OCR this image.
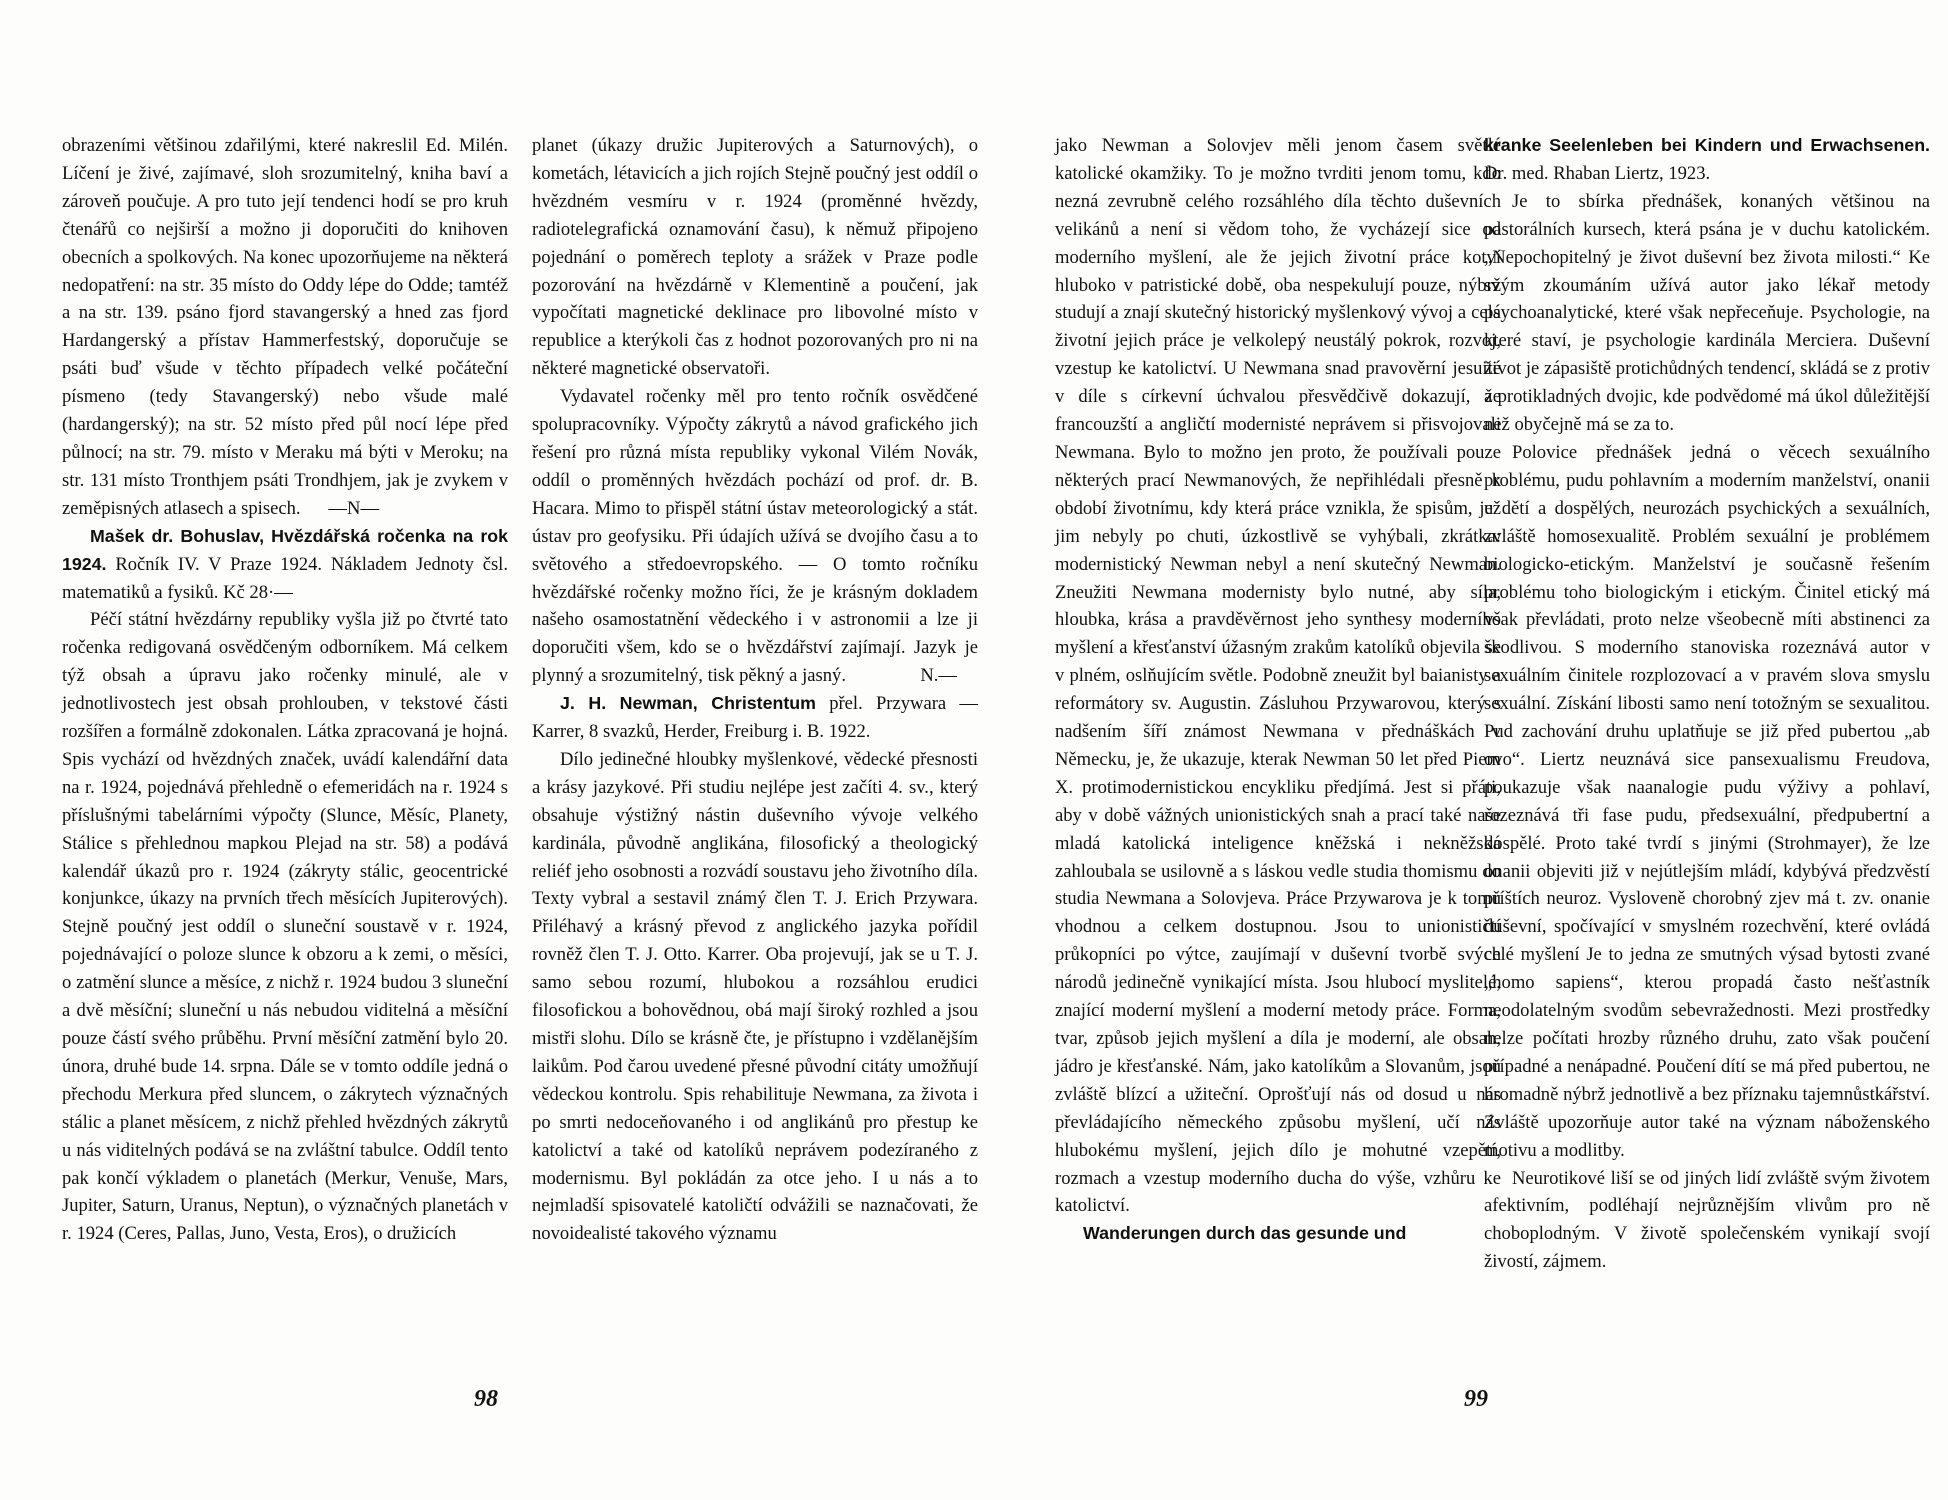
obrazeními většinou zdařilými, které nakreslil Ed. Milén. Líčení je živé, zajímavé, sloh srozumitelný, kniha baví a zároveň poučuje. A pro tuto její tendenci hodí se pro kruh čtenářů co nejširší a možno ji doporučiti do knihoven obecních a spolkových. Na konec upozorňujeme na některá nedopatření: na str. 35 místo do Oddy lépe do Odde; tamtéž a na str. 139. psáno fjord stavangerský a hned zas fjord Hardangerský a přístav Hammerfestský, doporučuje se psáti buď všude v těchto případech velké počáteční písmeno (tedy Stavangerský) nebo všude malé (hardangerský); na str. 52 místo před půl nocí lépe před půlnocí; na str. 79. místo v Meraku má býti v Meroku; na str. 131 místo Tronthjem psáti Trondhjem, jak je zvykem v zeměpisných atlasech a spisech. —N—

Mašek dr. Bohuslav, Hvězdářská ročenka na rok 1924. Ročník IV. V Praze 1924. Nákladem Jednoty čsl. matematiků a fysiků. Kč 28·—

Péčí státní hvězdárny republiky vyšla již po čtvrté tato ročenka redigovaná osvědčeným odborníkem. Má celkem týž obsah a úpravu jako ročenky minulé, ale v jednotlivostech jest obsah prohlouben, v tekstové části rozšířen a formálně zdokonalen. Látka zpracovaná je hojná. Spis vychází od hvězdných značek, uvádí kalendářní data na r. 1924, pojednává přehledně o efemeridách na r. 1924 s příslušnými tabelárními výpočty (Slunce, Měsíc, Planety, Stálice s přehlednou mapkou Plejad na str. 58) a podává kalendář úkazů pro r. 1924 (zákryty stálic, geocentrické konjunkce, úkazy na prvních třech měsících Jupiterových). Stejně poučný jest oddíl o sluneční soustavě v r. 1924, pojednávající o poloze slunce k obzoru a k zemi, o měsíci, o zatmění slunce a měsíce, z nichž r. 1924 budou 3 sluneční a dvě měsíční; sluneční u nás nebudou viditelná a měsíční pouze částí svého průběhu. První měsíční zatmění bylo 20. února, druhé bude 14. srpna. Dále se v tomto oddíle jedná o přechodu Merkura před sluncem, o zákrytech význačných stálic a planet měsícem, z nichž přehled hvězdných zákrytů u nás viditelných podává se na zvláštní tabulce. Oddíl tento pak končí výkladem o planetách (Merkur, Venuše, Mars, Jupiter, Saturn, Uranus, Neptun), o význačných planetách v r. 1924 (Ceres, Pallas, Juno, Vesta, Eros), o družicích

planet (úkazy družic Jupiterových a Saturnových), o kometách, létavicích a jich rojích Stejně poučný jest oddíl o hvězdném vesmíru v r. 1924 (proměnné hvězdy, radiotelegrafická oznamování času), k němuž připojeno pojednání o poměrech teploty a srážek v Praze podle pozorování na hvězdárně v Klementině a poučení, jak vypočítati magnetické deklinace pro libovolné místo v republice a kterýkoli čas z hodnot pozorovaných pro ni na některé magnetické observatoři.

Vydavatel ročenky měl pro tento ročník osvědčené spolupracovníky. Výpočty zákrytů a návod grafického jich řešení pro různá místa republiky vykonal Vilém Novák, oddíl o proměnných hvězdách pochází od prof. dr. B. Hacara. Mimo to přispěl státní ústav meteorologický a stát. ústav pro geofysiku. Při údajích užívá se dvojího času a to světového a středoevropského. — O tomto ročníku hvězdářské ročenky možno říci, že je krásným dokladem našeho osamostatnění vědeckého i v astronomii a lze ji doporučiti všem, kdo se o hvězdářství zajímají. Jazyk je plynný a srozumitelný, tisk pěkný a jasný.	N.—

J. H. Newman, Christentum přel. Przywara —Karrer, 8 svazků, Herder, Freiburg i. B. 1922.

Dílo jedinečné hloubky myšlenkové, vědecké přesnosti a krásy jazykové. Při studiu nejlépe jest začíti 4. sv., který obsahuje výstižný nástin duševního vývoje velkého kardinála, původně anglikána, filosofický a theologický reliéf jeho osobnosti a rozvádí soustavu jeho životního díla. Texty vybral a sestavil známý člen T. J. Erich Przywara. Přiléhavý a krásný převod z anglického jazyka pořídil rovněž člen T. J. Otto. Karrer. Oba projevují, jak se u T. J. samo sebou rozumí, hlubokou a rozsáhlou erudici filosofickou a bohovědnou, obá mají široký rozhled a jsou mistři slohu. Dílo se krásně čte, je přístupno i vzdělanějším laikům. Pod čarou uvedené přesné původní citáty umožňují vědeckou kontrolu. Spis rehabilituje Newmana, za života i po smrti nedoceňovaného i od anglikánů pro přestup ke katolictví a také od katolíků neprávem podezíraného z modernismu. Byl pokládán za otce jeho. I u nás a to nejmladší spisovatelé katoličtí odvážili se naznačovati, že novoidealisté takového významu

98

jako Newman a Solovjev měli jenom časem světlé katolické okamžiky. To je možno tvrditi jenom tomu, kdo nezná zevrubně celého rozsáhlého díla těchto duševních velikánů a není si vědom toho, že vycházejí sice od moderního myšlení, ale že jejich životní práce kotví hluboko v patristické době, oba nespekulují pouze, nýbrž studují a znají skutečný historický myšlenkový vývoj a celá životní jejich práce je velkolepý neustálý pokrok, rozvoj, vzestup ke katolictví. U Newmana snad pravověrní jesuité v díle s církevní úchvalou přesvědčivě dokazují, že francouzští a angličtí modernisté neprávem si přisvojovali Newmana. Bylo to možno jen proto, že používali pouze některých prací Newmanových, že nepřihlédali přesně k období životnímu, kdy která práce vznikla, že spisům, jež jim nebyly po chuti, úzkostlivě se vyhýbali, zkrátka: modernistický Newman nebyl a není skutečný Newman. Zneužiti Newmana modernisty bylo nutné, aby síla, hloubka, krása a pravděvěrnost jeho synthesy moderního myšlení a křesťanství úžasným zrakům katolíků objevila se v plném, oslňujícím světle. Podobně zneužit byl baianisty a reformátory sv. Augustin. Zásluhou Przywarovou, který s nadšením šíří známost Newmana v přednáškách v Německu, je, že ukazuje, kterak Newman 50 let před Piem X. protimodernistickou encykliku předjímá. Jest si přáti, aby v době vážných unionistických snah a prací také naše mladá katolická inteligence kněžská i nekněžská zahloubala se usilovně a s láskou vedle studia thomismu do studia Newmana a Solovjeva. Práce Przywarova je k tomu vhodnou a celkem dostupnou. Jsou to unionističtí průkopníci po výtce, zaujímají v duševní tvorbě svých národů jedinečně vynikající místa. Jsou hlubocí myslitelé, znající moderní myšlení a moderní metody práce. Forma, tvar, způsob jejich myšlení a díla je moderní, ale obsah, jádro je křesťanské. Nám, jako katolíkům a Slovanům, jsou zvláště blízcí a užiteční. Oprošťují nás od dosud u nás převládajícího německého způsobu myšlení, učí nás hlubokému myšlení, jejich dílo je mohutné vzepětí, rozmach a vzestup moderního ducha do výše, vzhůru ke katolictví.

Wanderungen durch das gesunde und

kranke Seelenleben bei Kindern und Erwachsenen. Dr. med. Rhaban Liertz, 1923.

Je to sbírka přednášek, konaných většinou na pastorálních kursech, která psána je v duchu katolickém. „Nepochopitelný je život duševní bez života milosti.“ Ke svým zkoumáním užívá autor jako lékař metody psychoanalytické, které však nepřeceňuje. Psychologie, na které staví, je psychologie kardinála Merciera. Duševní život je zápasiště protichůdných tendencí, skládá se z protiv a protikladných dvojic, kde podvědomé má úkol důležitější než obyčejně má se za to.

Polovice přednášek jedná o věcech sexuálního problému, pudu pohlavním a moderním manželství, onanii u dětí a dospělých, neurozách psychických a sexuálních, zvláště homosexualitě. Problém sexuální je problémem biologicko-etickým. Manželství je současně řešením problému toho biologickým i etickým. Činitel etický má však převládati, proto nelze všeobecně míti abstinenci za škodlivou. S moderního stanoviska rozeznává autor v sexuálním činitele rozplozovací a v pravém slova smyslu sexuální. Získání libosti samo není totožným se sexualitou. Pud zachování druhu uplatňuje se již před pubertou „ab ovo“. Liertz neuznává sice pansexualismu Freudova, poukazuje však naanalogie pudu výživy a pohlaví, rozeznává tři fase pudu, předsexuální, předpubertní a dospělé. Proto také tvrdí s jinými (Strohmayer), že lze onanii objeviti již v nejútlejším mládí, kdybývá předzvěstí příštích neuroz. Vysloveně chorobný zjev má t. zv. onanie duševní, spočívající v smyslném rozechvění, které ovládá celé myšlení Je to jedna ze smutných výsad bytosti zvané „homo sapiens“, kterou propadá často nešťastník neodolatelným svodům sebevražednosti. Mezi prostředky nelze počítati hrozby různého druhu, zato však poučení případné a nenápadné. Poučení dítí se má před pubertou, ne hromadně nýbrž jednotlivě a bez příznaku tajemnůstkářství. Zvláště upozorňuje autor také na význam náboženského motivu a modlitby.

Neurotikové liší se od jiných lidí zvláště svým životem afektivním, podléhají nejrůznějším vlivům pro ně choboplodným. V životě společenském vynikají svojí živostí, zájmem.

99
